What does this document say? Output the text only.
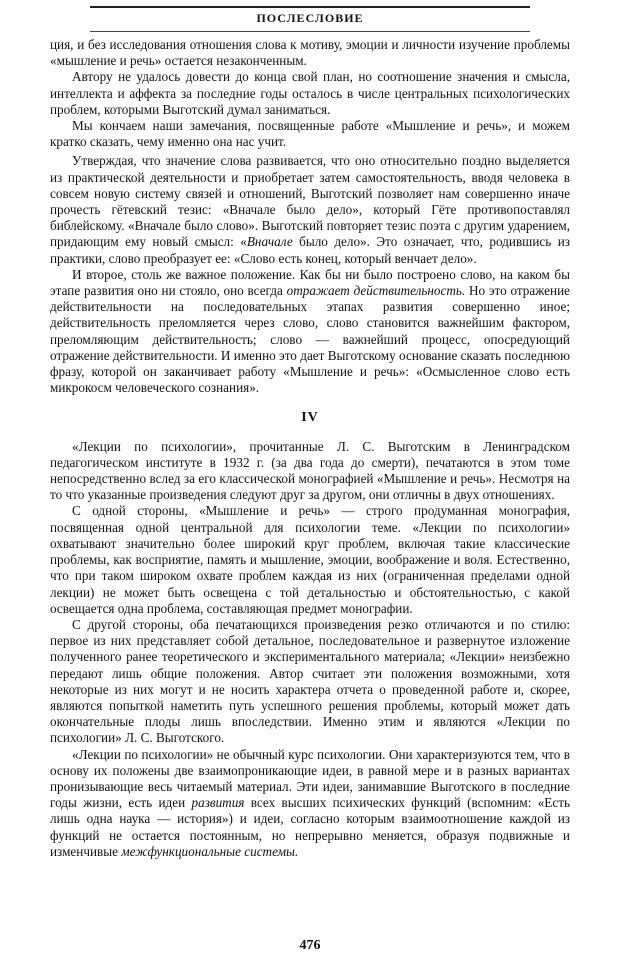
ПОСЛЕСЛОВИЕ

ция, и без исследования отношения слова к мотиву, эмоции и личности изучение проблемы «мышление и речь» остается незаконченным.

Автору не удалось довести до конца свой план, но соотношение значения и смысла, интеллекта и аффекта за последние годы осталось в числе центральных психологических проблем, которыми Выготский думал заниматься.

Мы кончаем наши замечания, посвященные работе «Мышление и речь», и можем кратко сказать, чему именно она нас учит.

Утверждая, что значение слова развивается, что оно относительно поздно выделяется из практической деятельности и приобретает затем самостоятельность, вводя человека в совсем новую систему связей и отношений, Выготский позволяет нам совершенно иначе прочесть гётевский тезис: «Вначале было дело», который Гёте противопоставлял библейскому. «Вначале было слово». Выготский повторяет тезис поэта с другим ударением, придающим ему новый смысл: «Вначале было дело». Это означает, что, родившись из практики, слово преобразует ее: «Слово есть конец, который венчает дело».

И второе, столь же важное положение. Как бы ни было построено слово, на каком бы этапе развития оно ни стояло, оно всегда отражает действительность. Но это отражение действительности на последовательных этапах развития совершенно иное; действительность преломляется через слово, слово становится важнейшим фактором, преломляющим действительность; слово — важнейший процесс, опосредующий отражение действительности. И именно это дает Выготскому основание сказать последнюю фразу, которой он заканчивает работу «Мышление и речь»: «Осмысленное слово есть микрокосм человеческого сознания».

IV

«Лекции по психологии», прочитанные Л. С. Выготским в Ленинградском педагогическом институте в 1932 г. (за два года до смерти), печатаются в этом томе непосредственно вслед за его классической монографией «Мышление и речь». Несмотря на то что указанные произведения следуют друг за другом, они отличны в двух отношениях.

С одной стороны, «Мышление и речь» — строго продуманная монография, посвященная одной центральной для психологии теме. «Лекции по психологии» охватывают значительно более широкий круг проблем, включая такие классические проблемы, как восприятие, память и мышление, эмоции, воображение и воля. Естественно, что при таком широком охвате проблем каждая из них (ограниченная пределами одной лекции) не может быть освещена с той детальностью и обстоятельностью, с какой освещается одна проблема, составляющая предмет монографии.

С другой стороны, оба печатающихся произведения резко отличаются и по стилю: первое из них представляет собой детальное, последовательное и развернутое изложение полученного ранее теоретического и экспериментального материала; «Лекции» неизбежно передают лишь общие положения. Автор считает эти положения возможными, хотя некоторые из них могут и не носить характера отчета о проведенной работе и, скорее, являются попыткой наметить путь успешного решения проблемы, который может дать окончательные плоды лишь впоследствии. Именно этим и являются «Лекции по психологии» Л. С. Выготского.

«Лекции по психологии» не обычный курс психологии. Они характеризуются тем, что в основу их положены две взаимопроникающие идеи, в равной мере и в разных вариантах пронизывающие весь читаемый материал. Эти идеи, занимавшие Выготского в последние годы жизни, есть идеи развития всех высших психических функций (вспомним: «Есть лишь одна наука — история») и идеи, согласно которым взаимоотношение каждой из функций не остается постоянным, но непрерывно меняется, образуя подвижные и изменчивые межфункциональные системы.

476
